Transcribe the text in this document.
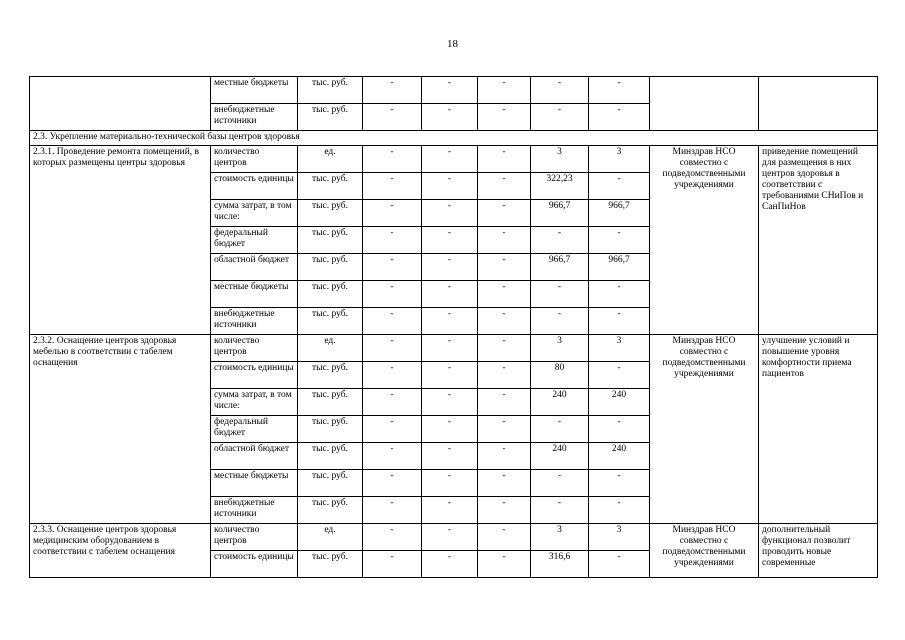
18
	местные бюджеты	тыс. руб.	-	-	-	-	-		
	внебюджетные источники	тыс. руб.	-	-	-	-	-		
2.3. Укрепление материально-технической базы центров здоровья									
2.3.1. Проведение ремонта помещений, в которых размещены центры здоровья	количество центров	ед.	-	-	-	3	3	Минздрав НСО совместно с подведомственными учреждениями	приведение помещений для размещения в них центров здоровья в соответствии с требованиями СНиПов и СанПиНов
	стоимость единицы	тыс. руб.	-	-	-	322,23	-		
	сумма затрат, в том числе:	тыс. руб.	-	-	-	966,7	966,7		
	федеральный бюджет	тыс. руб.	-	-	-	-	-		
	областной бюджет	тыс. руб.	-	-	-	966,7	966,7		
	местные бюджеты	тыс. руб.	-	-	-	-	-		
	внебюджетные источники	тыс. руб.	-	-	-	-	-		
2.3.2. Оснащение центров здоровья мебелью в соответствии с табелем оснащения	количество центров	ед.	-	-	-	3	3	Минздрав НСО совместно с подведомственными учреждениями	улучшение условий и повышение уровня комфортности приема пациентов
	стоимость единицы	тыс. руб.	-	-	-	80	-		
	сумма затрат, в том числе:	тыс. руб.	-	-	-	240	240		
	федеральный бюджет	тыс. руб.	-	-	-	-	-		
	областной бюджет	тыс. руб.	-	-	-	240	240		
	местные бюджеты	тыс. руб.	-	-	-	-	-		
	внебюджетные источники	тыс. руб.	-	-	-	-	-		
2.3.3. Оснащение центров здоровья медицинским оборудованием в соответствии с табелем оснащения	количество центров	ед.	-	-	-	3	3	Минздрав НСО совместно с подведомственными учреждениями	дополнительный функционал позволит проводить новые современные
	стоимость единицы	тыс. руб.	-	-	-	316,6	-		
